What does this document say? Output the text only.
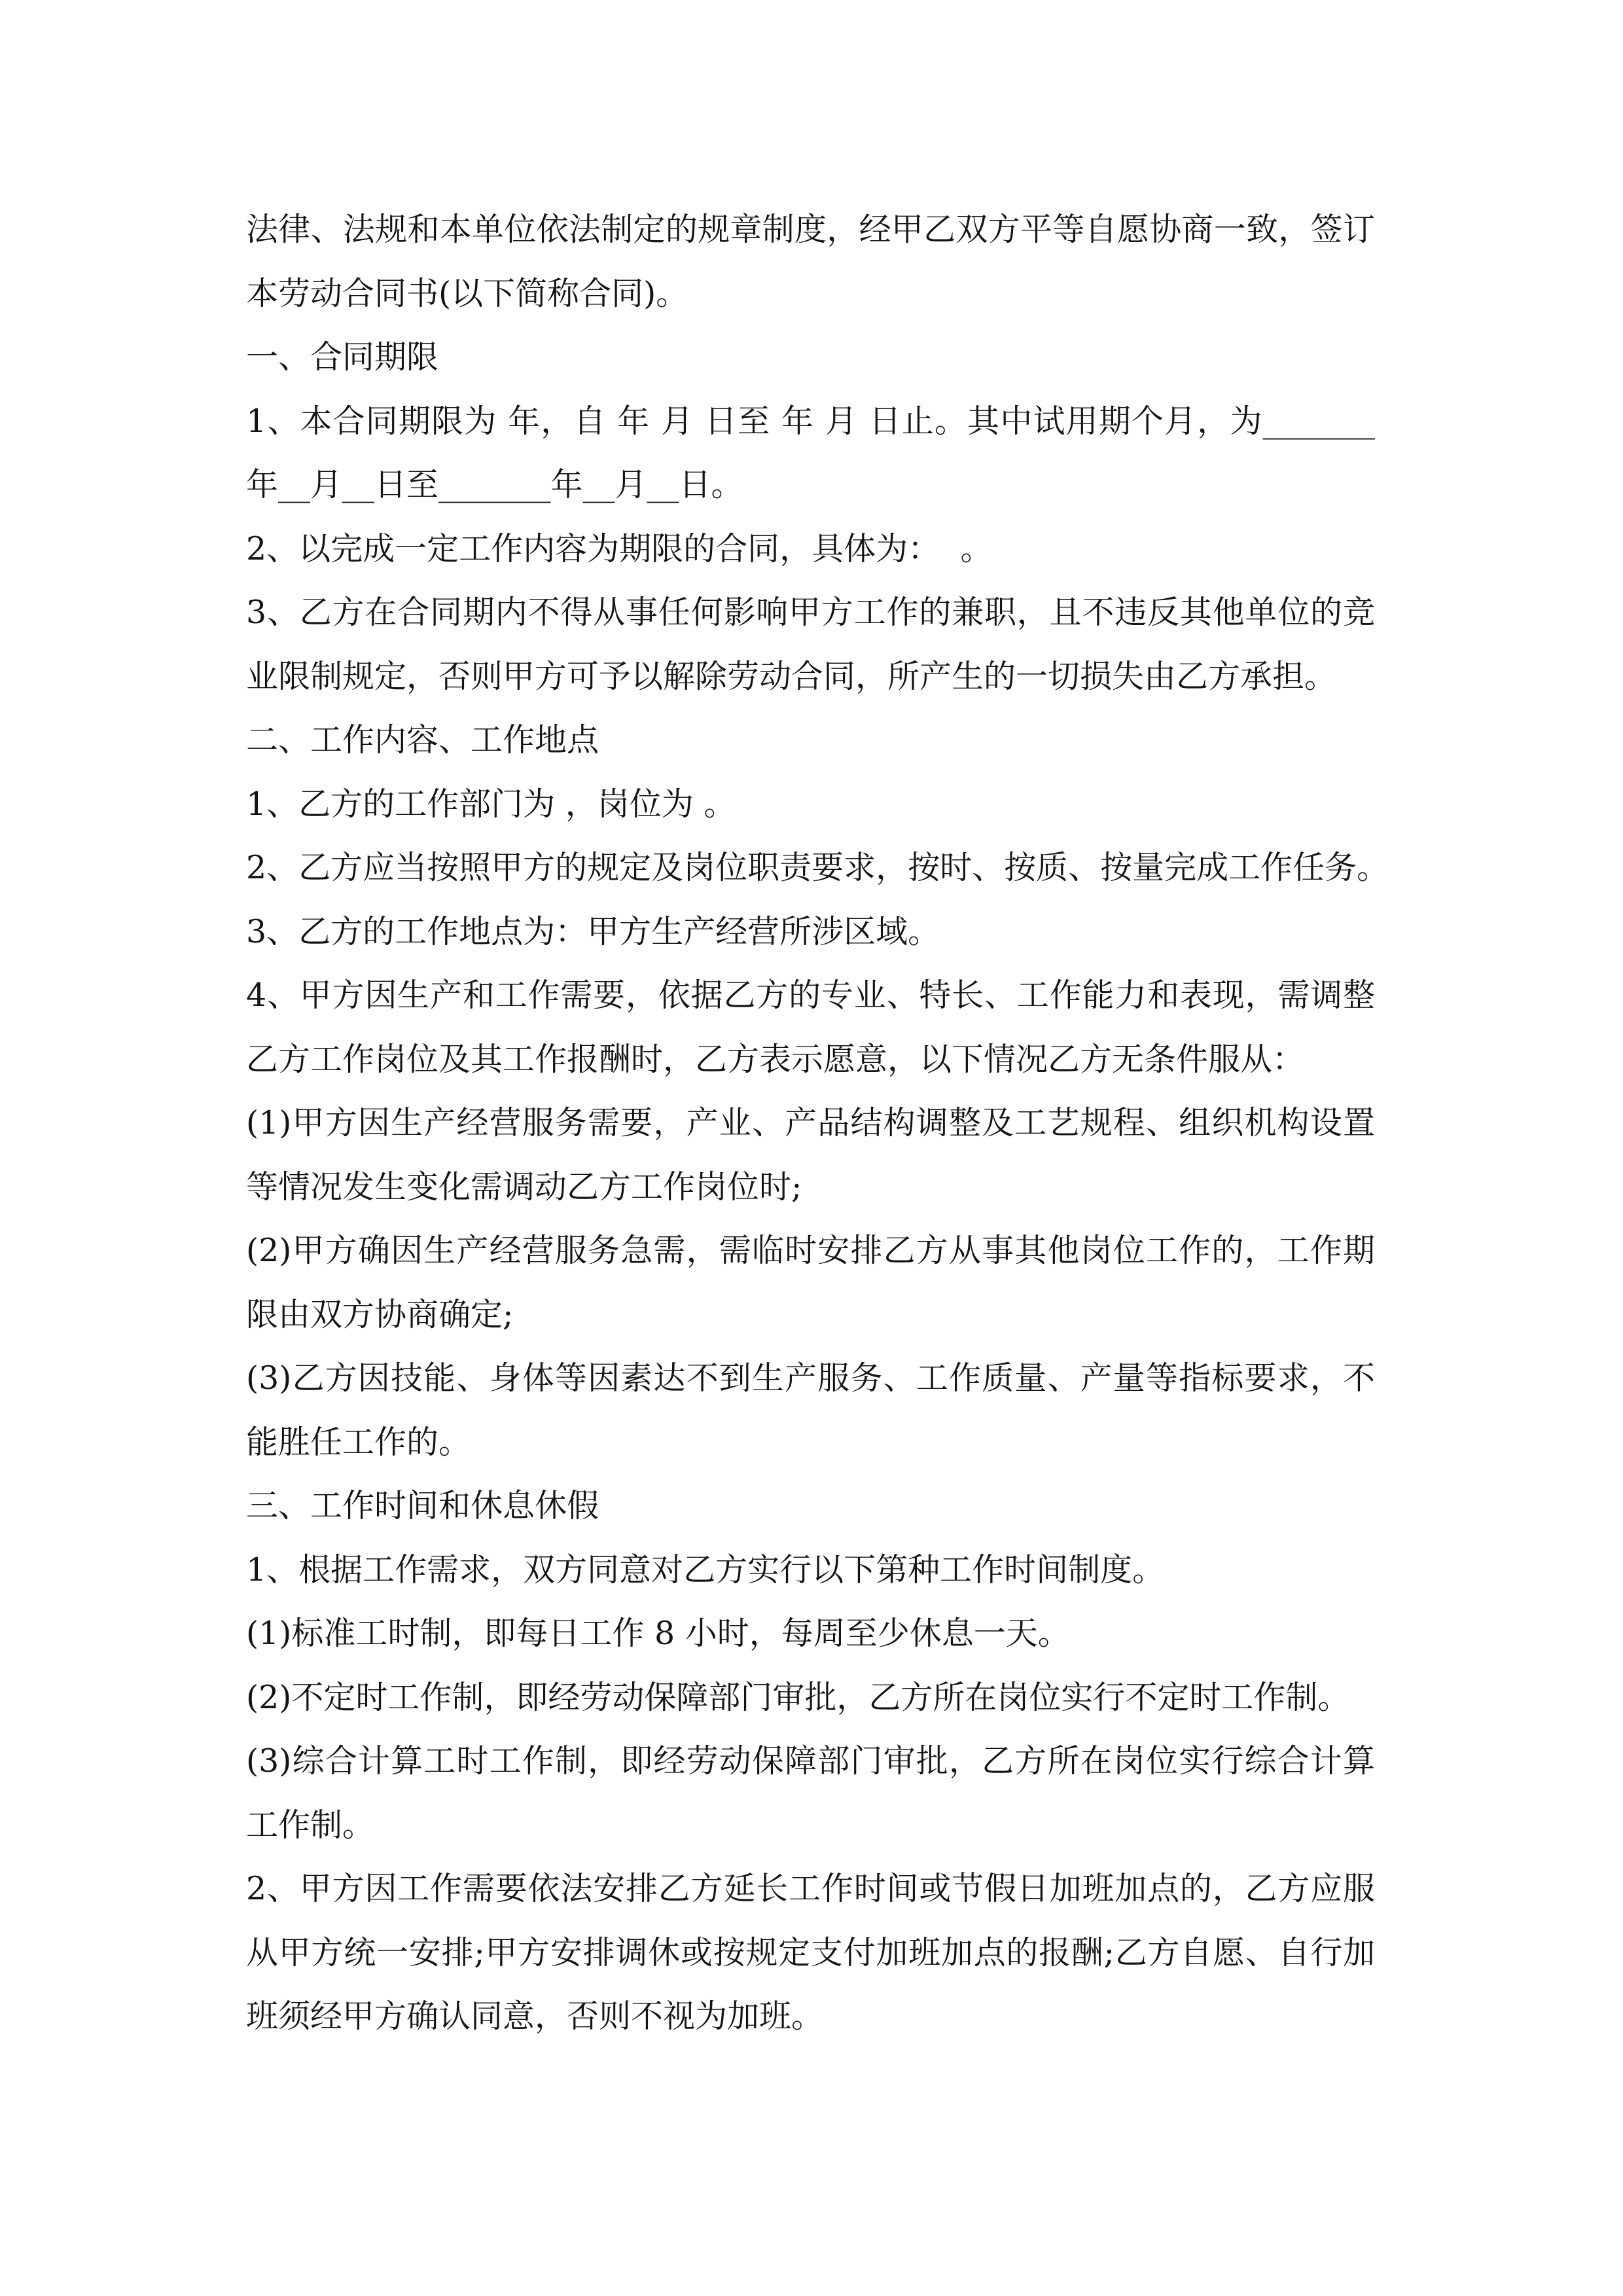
法律、法规和本单位依法制定的规章制度，经甲乙双方平等自愿协商一致，签订
本劳动合同书(以下简称合同)。
一、合同期限
1、本合同期限为 年，自 年 月 日至 年 月 日止。其中试用期个月，为_______
年__月__日至_______年__月__日。
2、以完成一定工作内容为期限的合同，具体为：  。
3、乙方在合同期内不得从事任何影响甲方工作的兼职，且不违反其他单位的竞
业限制规定，否则甲方可予以解除劳动合同，所产生的一切损失由乙方承担。
二、工作内容、工作地点
1、乙方的工作部门为 ，岗位为 。
2、乙方应当按照甲方的规定及岗位职责要求，按时、按质、按量完成工作任务。
3、乙方的工作地点为：甲方生产经营所涉区域。
4、甲方因生产和工作需要，依据乙方的专业、特长、工作能力和表现，需调整
乙方工作岗位及其工作报酬时，乙方表示愿意，以下情况乙方无条件服从：
(1)甲方因生产经营服务需要，产业、产品结构调整及工艺规程、组织机构设置
等情况发生变化需调动乙方工作岗位时;
(2)甲方确因生产经营服务急需，需临时安排乙方从事其他岗位工作的，工作期
限由双方协商确定;
(3)乙方因技能、身体等因素达不到生产服务、工作质量、产量等指标要求，不
能胜任工作的。
三、工作时间和休息休假
1、根据工作需求，双方同意对乙方实行以下第种工作时间制度。
(1)标准工时制，即每日工作 8 小时，每周至少休息一天。
(2)不定时工作制，即经劳动保障部门审批，乙方所在岗位实行不定时工作制。
(3)综合计算工时工作制，即经劳动保障部门审批，乙方所在岗位实行综合计算
工作制。
2、甲方因工作需要依法安排乙方延长工作时间或节假日加班加点的，乙方应服
从甲方统一安排;甲方安排调休或按规定支付加班加点的报酬;乙方自愿、自行加
班须经甲方确认同意，否则不视为加班。
